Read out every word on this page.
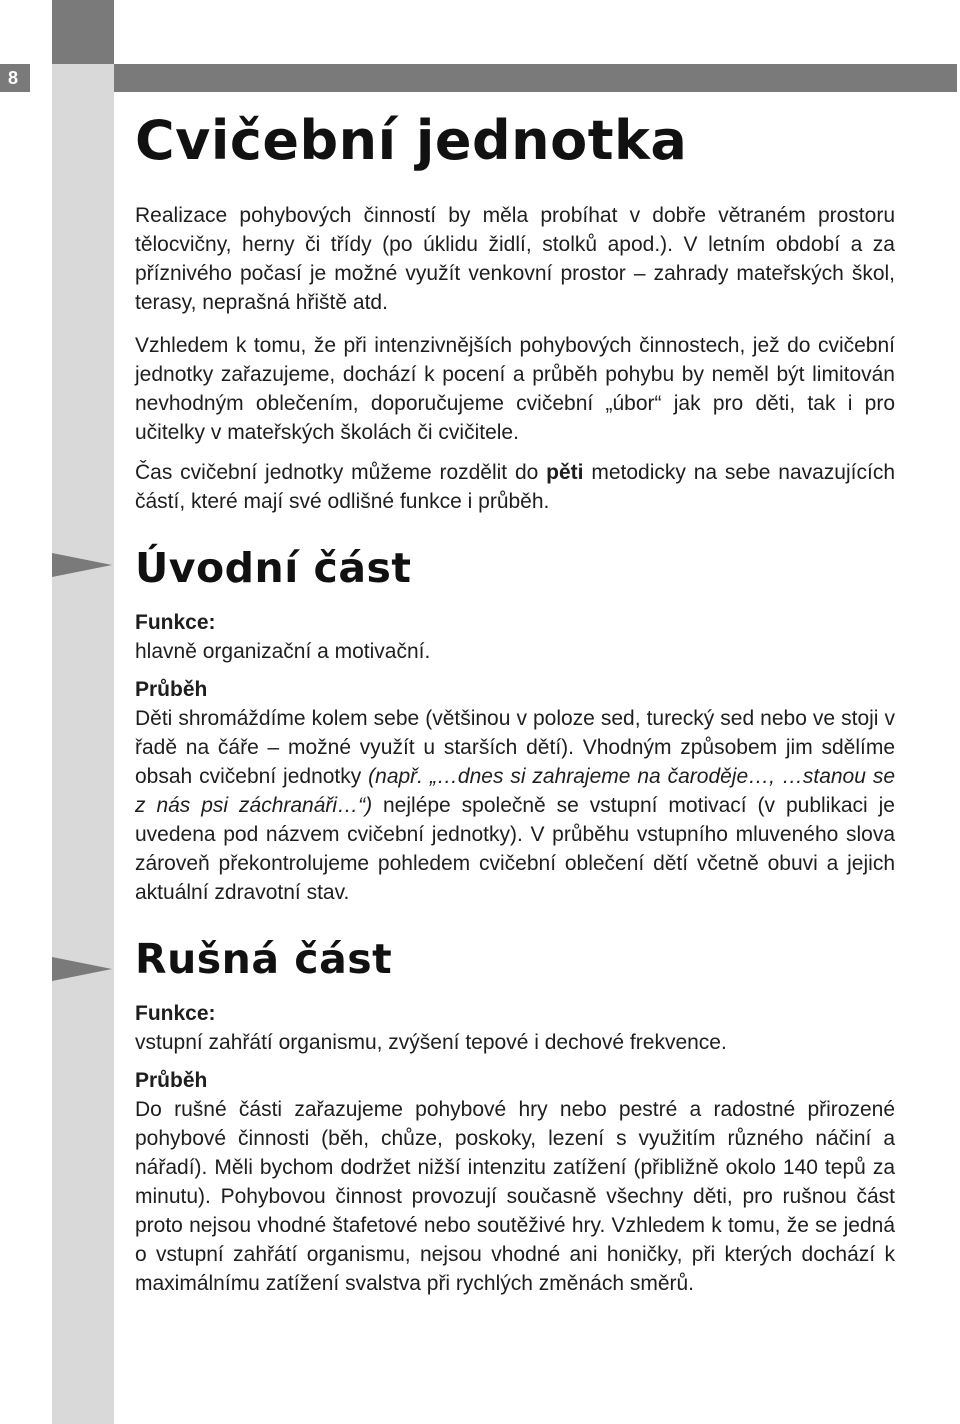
8
Cvičební jednotka

Realizace pohybových činností by měla probíhat v dobře větraném prostoru tělocvičny, herny či třídy (po úklidu židlí, stolků apod.). V letním období a za příznivého počasí je možné využít venkovní prostor – zahrady mateřských škol, terasy, neprašná hřiště atd.

Vzhledem k tomu, že při intenzivnějších pohybových činnostech, jež do cvičební jednotky zařazujeme, dochází k pocení a průběh pohybu by neměl být limitován nevhodným oblečením, doporučujeme cvičební „úbor“ jak pro děti, tak i pro učitelky v mateřských školách či cvičitele.

Čas cvičební jednotky můžeme rozdělit do pěti metodicky na sebe navazujících částí, které mají své odlišné funkce i průběh.

Úvodní část
Funkce:

hlavně organizační a motivační.

Průběh

Děti shromáždíme kolem sebe (většinou v poloze sed, turecký sed nebo ve stoji v řadě na čáře – možné využít u starších dětí). Vhodným způsobem jim sdělíme obsah cvičební jednotky (např. „…dnes si zahrajeme na čaroděje…, …stanou se z nás psi záchranáři…“) nejlépe společně se vstupní motivací (v publikaci je uvedena pod názvem cvičební jednotky). V průběhu vstupního mluveného slova zároveň překontrolujeme pohledem cvičební oblečení dětí včetně obuvi a jejich aktuální zdravotní stav.

Rušná část
Funkce:

vstupní zahřátí organismu, zvýšení tepové i dechové frekvence.

Průběh

Do rušné části zařazujeme pohybové hry nebo pestré a radostné přirozené pohybové činnosti (běh, chůze, poskoky, lezení s využitím různého náčiní a nářadí). Měli bychom dodržet nižší intenzitu zatížení (přibližně okolo 140 tepů za minutu). Pohybovou činnost provozují současně všechny děti, pro rušnou část proto nejsou vhodné štafetové nebo soutěživé hry. Vzhledem k tomu, že se jedná o vstupní zahřátí organismu, nejsou vhodné ani honičky, při kterých dochází k maximálnímu zatížení svalstva při rychlých změnách směrů.
